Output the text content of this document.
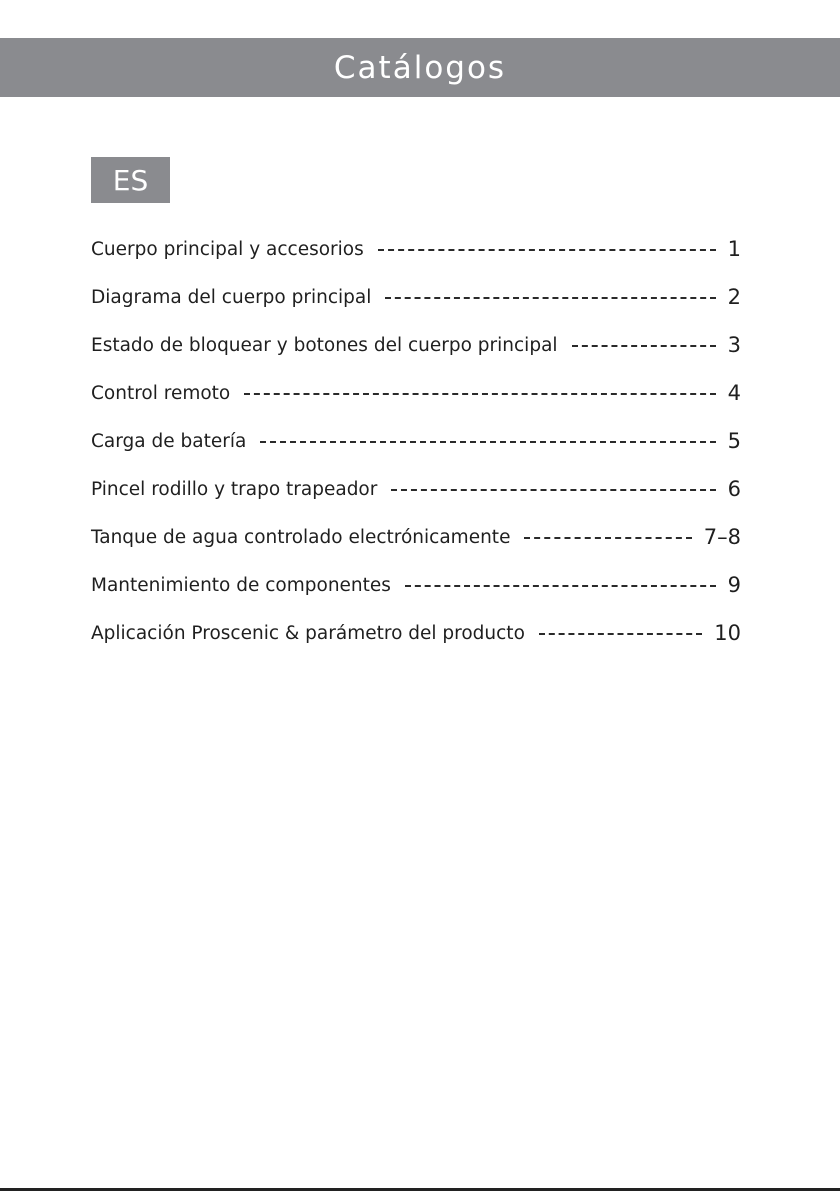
Catálogos
ES
Cuerpo principal y accesorios	1
Diagrama del cuerpo principal	2
Estado de bloquear y botones del cuerpo principal	3
Control remoto	4
Carga de batería	5
Pincel rodillo y trapo trapeador	6
Tanque de agua controlado electrónicamente	7–8
Mantenimiento de componentes	9
Aplicación Proscenic & parámetro del producto	10
